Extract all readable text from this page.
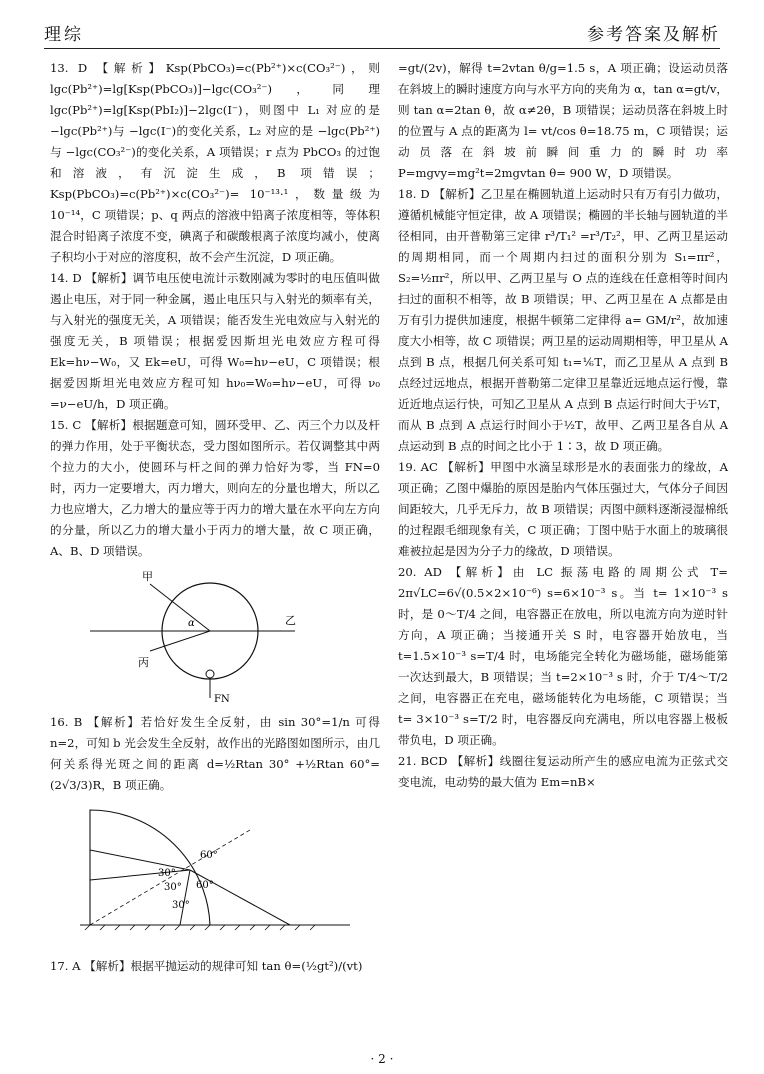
理综	参考答案及解析

13. D 【解析】Ksp(PbCO₃)=c(Pb²⁺)×c(CO₃²⁻)，则 lgc(Pb²⁺)=lg[Ksp(PbCO₃)]−lgc(CO₃²⁻)，同理 lgc(Pb²⁺)=lg[Ksp(PbI₂)]−2lgc(I⁻)，则图中 L₁ 对应的是 −lgc(Pb²⁺)与 −lgc(I⁻)的变化关系，L₂ 对应的是 −lgc(Pb²⁺)与 −lgc(CO₃²⁻)的变化关系，A 项错误；r 点为 PbCO₃ 的过饱和溶液，有沉淀生成，B 项错误；Ksp(PbCO₃)=c(Pb²⁺)×c(CO₃²⁻)= 10⁻¹³·¹，数量级为 10⁻¹⁴，C 项错误；p、q 两点的溶液中铅离子浓度相等，等体积混合时铅离子浓度不变，碘离子和碳酸根离子浓度均减小，使离子积均小于对应的溶度积，故不会产生沉淀，D 项正确。

14. D 【解析】调节电压使电流计示数刚减为零时的电压值叫做遏止电压，对于同一种金属，遏止电压只与入射光的频率有关，与入射光的强度无关，A 项错误；能否发生光电效应与入射光的强度无关，B 项错误；根据爱因斯坦光电效应方程可得 Ek=hν−W₀，又 Ek=eU，可得 W₀=hν−eU，C 项错误；根据爱因斯坦光电效应方程可知 hν₀=W₀=hν−eU，可得 ν₀ =ν−eU/h，D 项正确。

15. C 【解析】根据题意可知，圆环受甲、乙、丙三个力以及杆的弹力作用，处于平衡状态，受力图如图所示。若仅调整其中两个拉力的大小，使圆环与杆之间的弹力恰好为零，当 FN=0 时，丙力一定要增大，丙力增大，则向左的分量也增大，所以乙力也应增大，乙力增大的量应等于丙力的增大量在水平向左方向的分量，所以乙力的增大量小于丙力的增大量，故 C 项正确，A、B、D 项错误。

甲
乙
丙
FN
α

16. B 【解析】若恰好发生全反射，由 sin 30°=1/n 可得 n=2，可知 b 光会发生全反射，故作出的光路图如图所示，由几何关系得光斑之间的距离 d=½Rtan 30° +½Rtan 60°=(2√3/3)R，B 项正确。

60°
30°
30° 60°
30°

17. A 【解析】根据平抛运动的规律可知 tan θ=(½gt²)/(vt)

=gt/(2v)，解得 t=2vtan θ/g=1.5 s，A 项正确；设运动员落在斜坡上的瞬时速度方向与水平方向的夹角为 α，tan α=gt/v，则 tan α=2tan θ，故 α≠2θ，B 项错误；运动员落在斜坡上时的位置与 A 点的距离为 l= vt/cos θ=18.75 m，C 项错误；运动员落在斜坡前瞬间重力的瞬时功率 P=mgvy=mg²t=2mgvtan θ= 900 W，D 项错误。

18. D 【解析】乙卫星在椭圆轨道上运动时只有万有引力做功，遵循机械能守恒定律，故 A 项错误；椭圆的半长轴与圆轨道的半径相同，由开普勒第三定律 r³/T₁² =r³/T₂²，甲、乙两卫星运动的周期相同，而一个周期内扫过的面积分别为 S₁=πr²，S₂=½πr²，所以甲、乙两卫星与 O 点的连线在任意相等时间内扫过的面积不相等，故 B 项错误；甲、乙两卫星在 A 点都是由万有引力提供加速度，根据牛顿第二定律得 a= GM/r²，故加速度大小相等，故 C 项错误；两卫星的运动周期相等，甲卫星从 A 点到 B 点，根据几何关系可知 t₁=⅙T，而乙卫星从 A 点到 B 点经过远地点，根据开普勒第二定律卫星靠近远地点运行慢，靠近近地点运行快，可知乙卫星从 A 点到 B 点运行时间大于½T，而从 B 点到 A 点运行时间小于½T，故甲、乙两卫星各自从 A 点运动到 B 点的时间之比小于 1∶3，故 D 项正确。

19. AC 【解析】甲图中水滴呈球形是水的表面张力的缘故，A 项正确；乙图中爆胎的原因是胎内气体压强过大，气体分子间因间距较大，几乎无斥力，故 B 项错误；丙图中颜料逐渐浸湿棉纸的过程跟毛细现象有关，C 项正确；丁图中贴于水面上的玻璃很难被拉起是因为分子力的缘故，D 项错误。

20. AD 【解析】由 LC 振荡电路的周期公式 T= 2π√LC=6√(0.5×2×10⁻⁶) s=6×10⁻³ s。当 t= 1×10⁻³ s 时，是 0～T/4 之间，电容器正在放电，所以电流方向为逆时针方向，A 项正确；当接通开关 S 时，电容器开始放电，当 t=1.5×10⁻³ s=T/4 时，电场能完全转化为磁场能，磁场能第一次达到最大，B 项错误；当 t=2×10⁻³ s 时，介于 T/4～T/2 之间，电容器正在充电，磁场能转化为电场能，C 项错误；当 t= 3×10⁻³ s=T/2 时，电容器反向充满电，所以电容器上极板带负电，D 项正确。

21. BCD 【解析】线圈往复运动所产生的感应电流为正弦式交变电流，电动势的最大值为 Em=nB×

· 2 ·
